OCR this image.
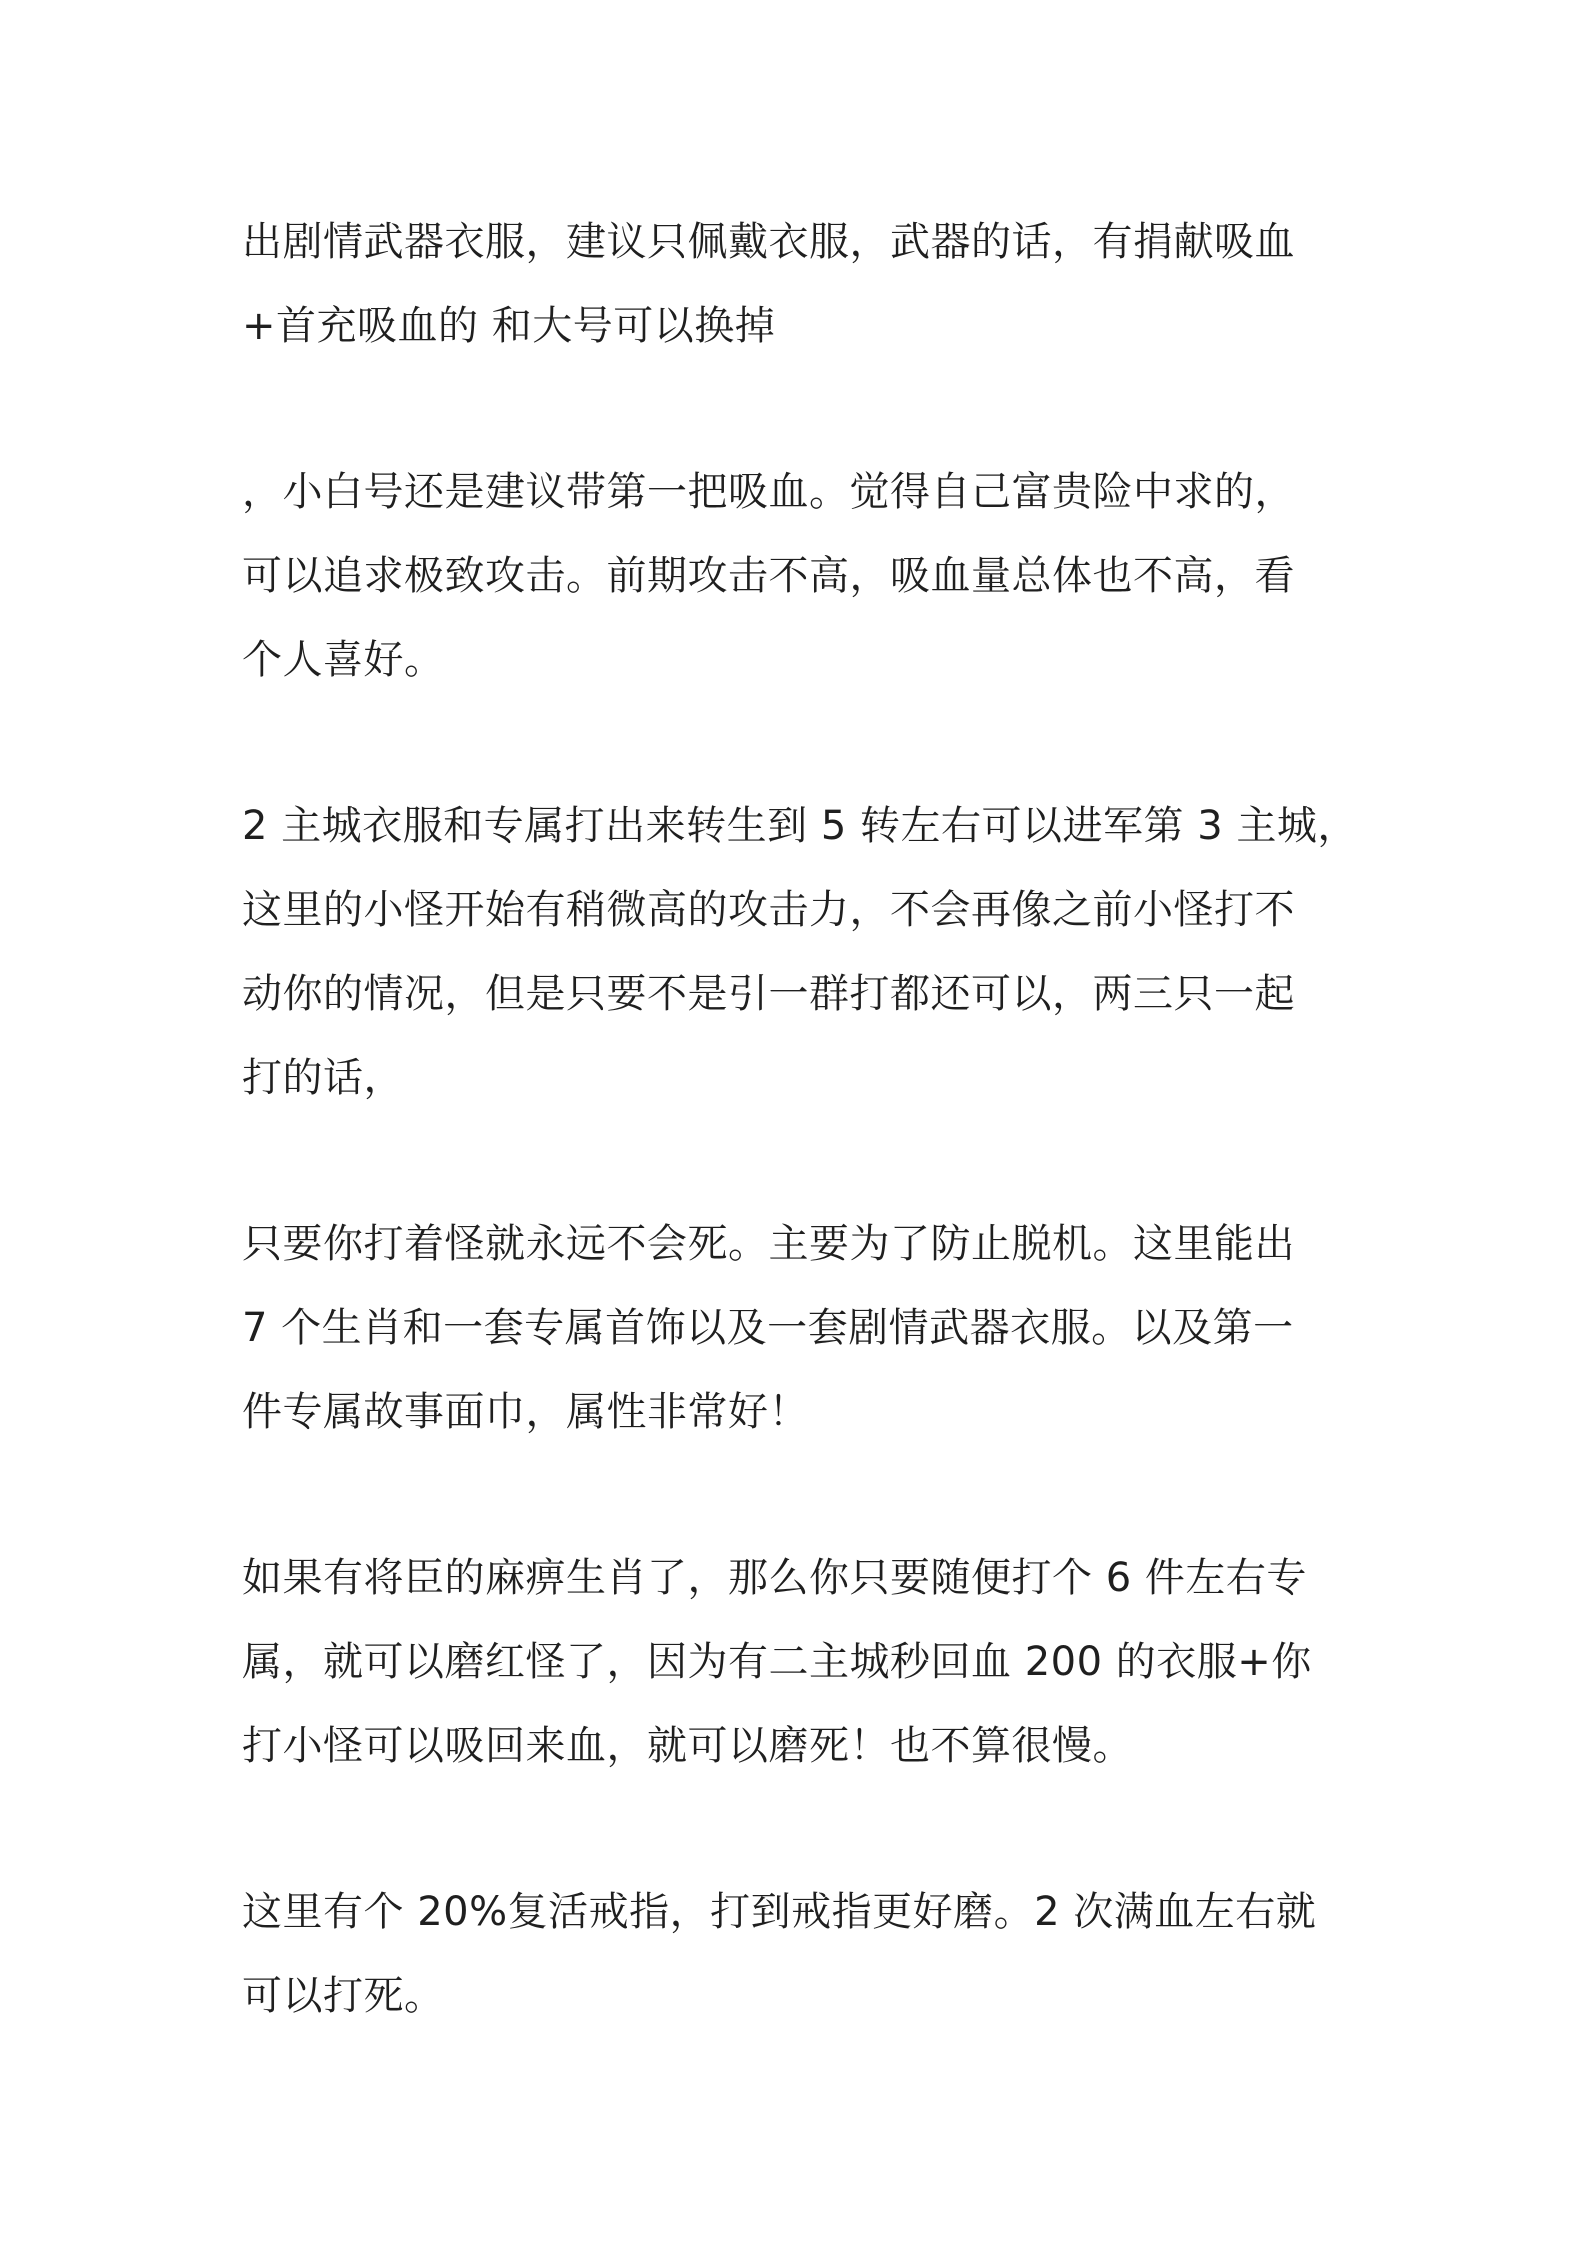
出剧情武器衣服，建议只佩戴衣服，武器的话，有捐献吸血
+首充吸血的 和大号可以换掉
，小白号还是建议带第一把吸血。觉得自己富贵险中求的，
可以追求极致攻击。前期攻击不高，吸血量总体也不高，看
个人喜好。
2 主城衣服和专属打出来转生到 5 转左右可以进军第 3 主城，
这里的小怪开始有稍微高的攻击力，不会再像之前小怪打不
动你的情况，但是只要不是引一群打都还可以，两三只一起
打的话，
只要你打着怪就永远不会死。主要为了防止脱机。这里能出
7 个生肖和一套专属首饰以及一套剧情武器衣服。以及第一
件专属故事面巾，属性非常好！
如果有将臣的麻痹生肖了，那么你只要随便打个 6 件左右专
属，就可以磨红怪了，因为有二主城秒回血 200 的衣服+你
打小怪可以吸回来血，就可以磨死！也不算很慢。
这里有个 20%复活戒指，打到戒指更好磨。2 次满血左右就
可以打死。
